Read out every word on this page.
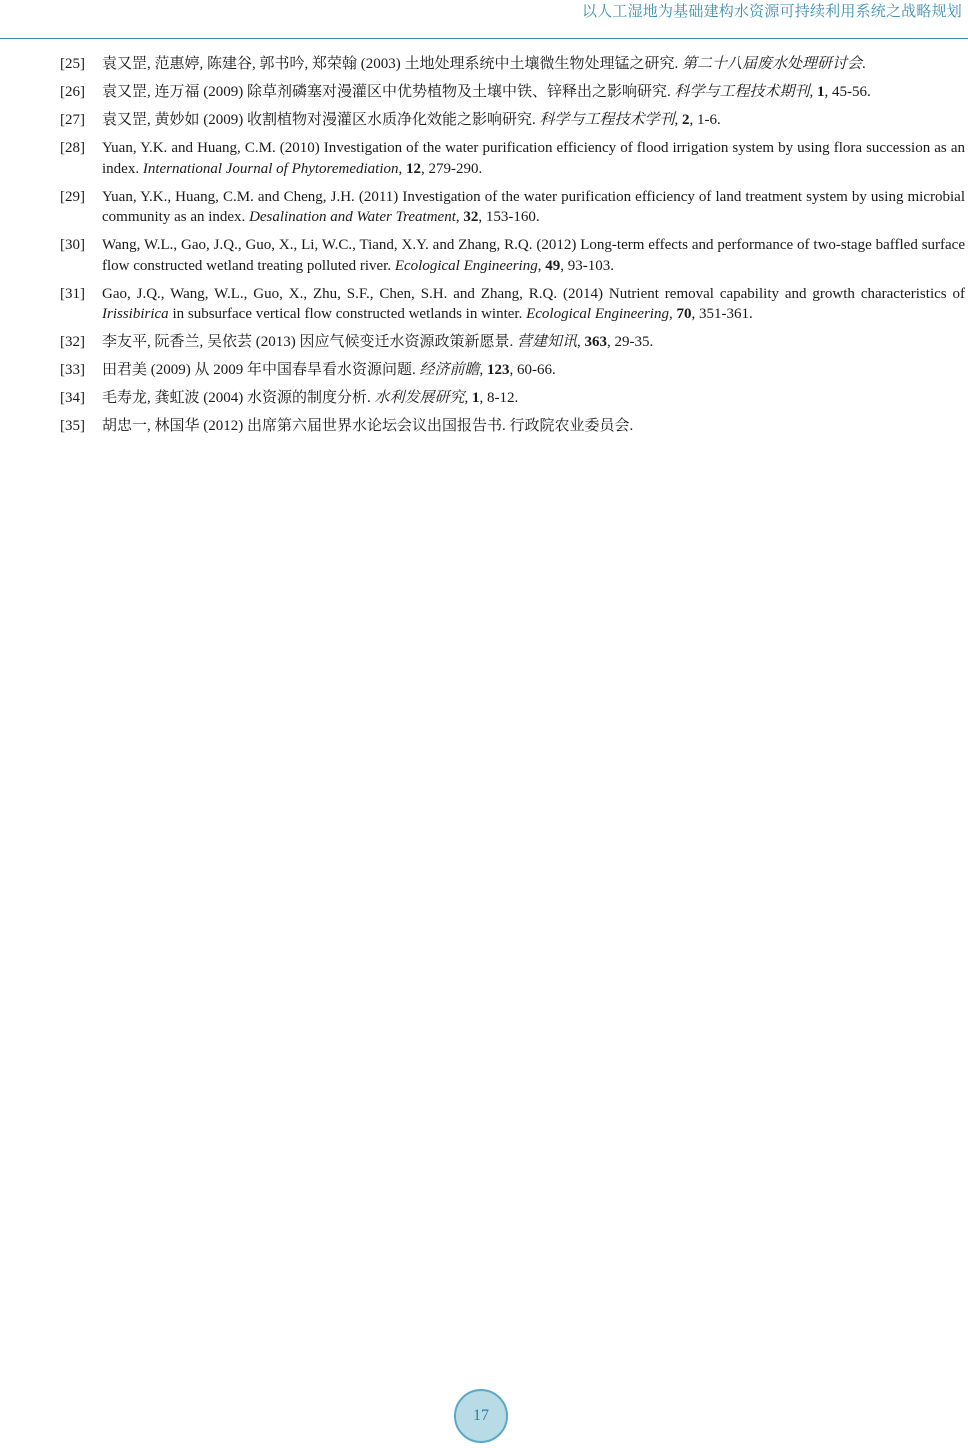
以人工湿地为基础建构水资源可持续利用系统之战略规划
[25]	袁又罡, 范惠婷, 陈建谷, 郭书吟, 郑荣翰 (2003) 土地处理系统中土壤微生物处理锰之研究. 第二十八届废水处理研讨会.
[26]	袁又罡, 连万福 (2009) 除草剂磷塞对漫灌区中优势植物及土壤中铁、锌释出之影响研究. 科学与工程技术期刊, 1, 45-56.
[27]	袁又罡, 黄妙如 (2009) 收割植物对漫灌区水质净化效能之影响研究. 科学与工程技术学刊, 2, 1-6.
[28]	Yuan, Y.K. and Huang, C.M. (2010) Investigation of the water purification efficiency of flood irrigation system by using flora succession as an index. International Journal of Phytoremediation, 12, 279-290.
[29]	Yuan, Y.K., Huang, C.M. and Cheng, J.H. (2011) Investigation of the water purification efficiency of land treatment system by using microbial community as an index. Desalination and Water Treatment, 32, 153-160.
[30]	Wang, W.L., Gao, J.Q., Guo, X., Li, W.C., Tiand, X.Y. and Zhang, R.Q. (2012) Long-term effects and performance of two-stage baffled surface flow constructed wetland treating polluted river. Ecological Engineering, 49, 93-103.
[31]	Gao, J.Q., Wang, W.L., Guo, X., Zhu, S.F., Chen, S.H. and Zhang, R.Q. (2014) Nutrient removal capability and growth characteristics of Irissibirica in subsurface vertical flow constructed wetlands in winter. Ecological Engineering, 70, 351-361.
[32]	李友平, 阮香兰, 吴依芸 (2013) 因应气候变迁水资源政策新愿景. 营建知讯, 363, 29-35.
[33]	田君美 (2009) 从 2009 年中国春旱看水资源问题. 经济前瞻, 123, 60-66.
[34]	毛寿龙, 龚虹波 (2004) 水资源的制度分析. 水利发展研究, 1, 8-12.
[35]	胡忠一, 林国华 (2012) 出席第六届世界水论坛会议出国报告书. 行政院农业委员会.
17
